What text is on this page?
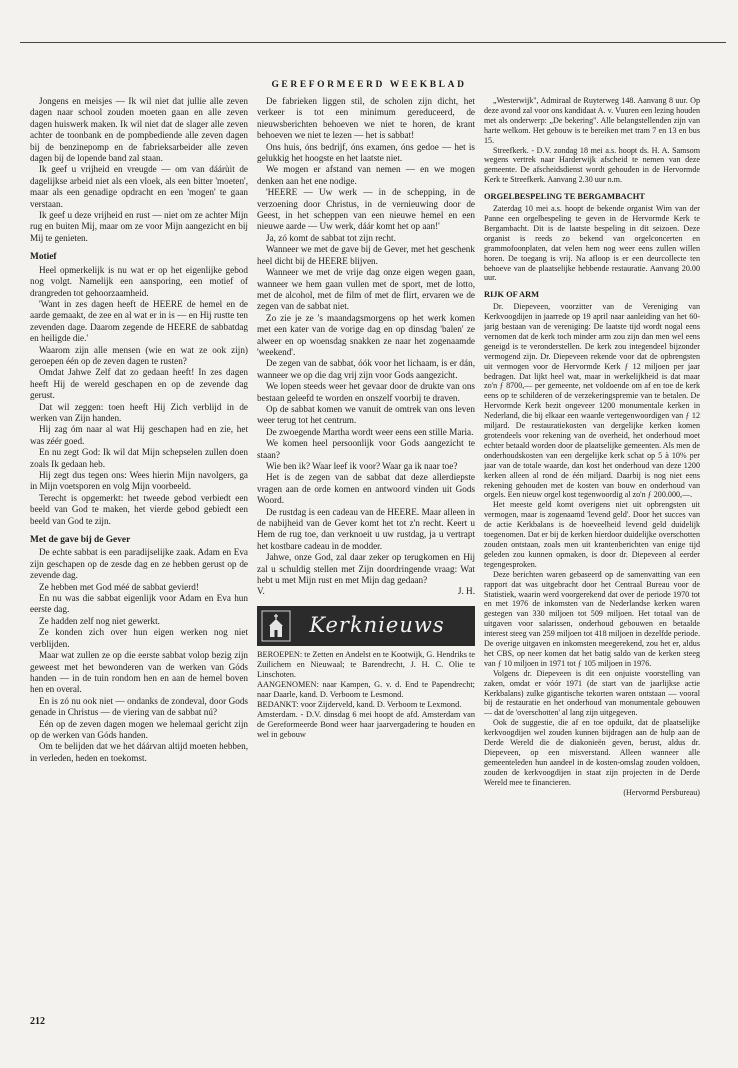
GEREFORMEERD WEEKBLAD

Jongens en meisjes — Ik wil niet dat jullie alle zeven dagen naar school zouden moeten gaan en alle zeven dagen huiswerk maken. Ik wil niet dat de slager alle zeven achter de toonbank en de pompbediende alle zeven dagen bij de benzinepomp en de fabrieksarbeider alle zeven dagen bij de lopende band zal staan.

Ik geef u vrijheid en vreugde — om van dáárùit de dagelijkse arbeid niet als een vloek, als een bitter 'moeten', maar als een genadige opdracht en een 'mogen' te gaan verstaan.

Ik geef u deze vrijheid en rust — niet om ze achter Mijn rug en buiten Mij, maar om ze voor Mijn aangezicht en bij Mij te genieten.

Motief

Heel opmerkelijk is nu wat er op het eigenlijke gebod nog volgt. Namelijk een aansporing, een motief of drangreden tot gehoorzaamheid.

'Want in zes dagen heeft de HEERE de hemel en de aarde gemaakt, de zee en al wat er in is — en Hij rustte ten zevenden dage. Daarom zegende de HEERE de sabbatdag en heiligde die.'

Waarom zijn alle mensen (wie en wat ze ook zijn) geroepen één op de zeven dagen te rusten?

Omdat Jahwe Zelf dat zo gedaan heeft! In zes dagen heeft Hij de wereld geschapen en op de zevende dag gerust.

Dat wil zeggen: toen heeft Hij Zich verblijd in de werken van Zijn handen.

Hij zag óm naar al wat Hij geschapen had en zie, het was zéér goed.

En nu zegt God: Ik wil dat Mijn schepselen zullen doen zoals Ik gedaan heb.

Hij zegt dus tegen ons: Wees hierin Mijn navolgers, ga in Mijn voetsporen en volg Mijn voorbeeld.

Terecht is opgemerkt: het tweede gebod verbiedt een beeld van God te maken, het vierde gebod gebiedt een beeld van God te zijn.

Met de gave bij de Gever

De echte sabbat is een paradijselijke zaak. Adam en Eva zijn geschapen op de zesde dag en ze hebben gerust op de zevende dag.

Ze hebben met God méé de sabbat gevierd!

En nu was die sabbat eigenlijk voor Adam en Eva hun eerste dag.

Ze hadden zelf nog niet gewerkt.

Ze konden zich over hun eigen werken nog niet verblijden.

Maar wat zullen ze op die eerste sabbat volop bezig zijn geweest met het bewonderen van de werken van Góds handen — in de tuin rondom hen en aan de hemel boven hen en overal.

En is zó nu ook niet — ondanks de zondeval, door Gods genade in Christus — de viering van de sabbat nú?

Eén op de zeven dagen mogen we helemaal gericht zijn op de werken van Góds handen.

Om te belijden dat we het dáárvan altijd moeten hebben, in verleden, heden en toekomst.

De fabrieken liggen stil, de scholen zijn dicht, het verkeer is tot een minimum gereduceerd, de nieuwsberichten behoeven we niet te horen, de krant behoeven we niet te lezen — het is sabbat!

Ons huis, óns bedrijf, óns examen, óns gedoe — het is gelukkig het hoogste en het laatste niet.

We mogen er afstand van nemen — en we mogen denken aan het ene nodige.

'HEERE — Uw werk — in de schepping, in de verzoening door Christus, in de vernieuwing door de Geest, in het scheppen van een nieuwe hemel en een nieuwe aarde — Uw werk, dáár komt het op aan!'

Ja, zó komt de sabbat tot zijn recht.

Wanneer we met de gave bij de Gever, met het geschenk heel dicht bij de HEERE blijven.

Wanneer we met de vrije dag onze eigen wegen gaan, wanneer we hem gaan vullen met de sport, met de lotto, met de alcohol, met de film of met de flirt, ervaren we de zegen van de sabbat niet.

Zo zie je ze 's maandagsmorgens op het werk komen met een kater van de vorige dag en op dinsdag 'balen' ze alweer en op woensdag snakken ze naar het zogenaamde 'weekend'.

De zegen van de sabbat, óók voor het lichaam, is er dán, wanneer we op die dag vrij zijn voor Gods aangezicht.

We lopen steeds weer het gevaar door de drukte van ons bestaan geleefd te worden en onszelf voorbij te draven.

Op de sabbat komen we vanuit de omtrek van ons leven weer terug tot het centrum.

De zwoegende Martha wordt weer eens een stille Maria.

We komen heel persoonlijk voor Gods aangezicht te staan?

Wie ben ik? Waar leef ik voor? Waar ga ik naar toe?

Het is de zegen van de sabbat dat deze allerdiepste vragen aan de orde komen en antwoord vinden uit Gods Woord.

De rustdag is een cadeau van de HEERE. Maar alleen in de nabijheid van de Gever komt het tot z'n recht. Keert u Hem de rug toe, dan verknoeit u uw rustdag, ja u vertrapt het kostbare cadeau in de modder.

Jahwe, onze God, zal daar zeker op terugkomen en Hij zal u schuldig stellen met Zijn doordringende vraag: Wat hebt u met Mijn rust en met Mijn dag gedaan?

V.	J. H.

Kerknieuws

BEROEPEN: te Zetten en Andelst en te Kootwijk, G. Hendriks te Zuilichem en Nieuwaal; te Barendrecht, J. H. C. Olie te Linschoten.

AANGENOMEN: naar Kampen, G. v. d. End te Papendrecht; naar Daarle, kand. D. Verboom te Lesmond.

BEDANKT: voor Zijderveld, kand. D. Verboom te Lexmond.

Amsterdam. - D.V. dinsdag 6 mei hoopt de afd. Amsterdam van de Gereformeerde Bond weer haar jaarvergadering te houden en wel in gebouw

„Westerwijk", Admiraal de Ruyterweg 148. Aanvang 8 uur. Op deze avond zal voor ons kandidaat A. v. Vuuren een lezing houden met als onderwerp: „De bekering". Alle belangstellenden zijn van harte welkom. Het gebouw is te bereiken met tram 7 en 13 en bus 15.

Streefkerk. - D.V. zondag 18 mei a.s. hoopt ds. H. A. Samsom wegens vertrek naar Harderwijk afscheid te nemen van deze gemeente. De afscheidsdienst wordt gehouden in de Hervormde Kerk te Streefkerk. Aanvang 2.30 uur n.m.

ORGELBESPELING TE BERGAMBACHT

Zaterdag 10 mei a.s. hoopt de bekende organist Wim van der Panne een orgelbespeling te geven in de Hervormde Kerk te Bergambacht. Dit is de laatste bespeling in dit seizoen. Deze organist is reeds zo bekend van orgelconcerten en grammofoonplaten, dat velen hem nog weer eens zullen willen horen. De toegang is vrij. Na afloop is er een deurcollecte ten behoeve van de plaatselijke hebbende restauratie. Aanvang 20.00 uur.

RIJK OF ARM

Dr. Diepeveen, voorzitter van de Vereniging van Kerkvoogdijen in jaarrede op 19 april naar aanleiding van het 60-jarig bestaan van de vereniging: De laatste tijd wordt nogal eens vernomen dat de kerk toch minder arm zou zijn dan men wel eens geneigd is te veronderstellen. De kerk zou integendeel bijzonder vermogend zijn. Dr. Diepeveen rekende voor dat de opbrengsten uit vermogen voor de Hervormde Kerk ƒ 12 miljoen per jaar bedragen. Dat lijkt heel wat, maar in werkelijkheid is dat maar zo'n ƒ 8700,— per gemeente, net voldoende om af en toe de kerk eens op te schilderen of de verzekeringspremie van te betalen. De Hervormde Kerk bezit ongeveer 1200 monumentale kerken in Nederland, die bij elkaar een waarde vertegenwoordigen van ƒ 12 miljard. De restauratiekosten van dergelijke kerken komen grotendeels voor rekening van de overheid, het onderhoud moet echter betaald worden door de plaatselijke gemeenten. Als men de onderhoudskosten van een dergelijke kerk schat op 5 à 10% per jaar van de totale waarde, dan kost het onderhoud van deze 1200 kerken alleen al rond de één miljard. Daarbij is nog niet eens rekening gehouden met de kosten van bouw en onderhoud van orgels. Een nieuw orgel kost tegenwoordig al zo'n ƒ 200.000,—.

Het meeste geld komt overigens niet uit opbrengsten uit vermogen, maar is zogenaamd 'levend geld'. Door het succes van de actie Kerkbalans is de hoeveelheid levend geld duidelijk toegenomen. Dat er bij de kerken hierdoor duidelijke overschotten zouden ontstaan, zoals men uit krantenberichten van enige tijd geleden zou kunnen opmaken, is door dr. Diepeveen al eerder tegengesproken.

Deze berichten waren gebaseerd op de samenvatting van een rapport dat was uitgebracht door het Centraal Bureau voor de Statistiek, waarin werd voorgerekend dat over de periode 1970 tot en met 1976 de inkomsten van de Nederlandse kerken waren gestegen van 330 miljoen tot 509 miljoen. Het totaal van de uitgaven voor salarissen, onderhoud gebouwen en betaalde interest steeg van 259 miljoen tot 418 miljoen in dezelfde periode. De overige uitgaven en inkomsten meegerekend, zou het er, aldus het CBS, op neer komen dat het batig saldo van de kerken steeg van ƒ 10 miljoen in 1971 tot ƒ 105 miljoen in 1976.

Volgens dr. Diepeveen is dit een onjuiste voorstelling van zaken, omdat er vóór 1971 (de start van de jaarlijkse actie Kerkbalans) zulke gigantische tekorten waren ontstaan — vooral bij de restauratie en het onderhoud van monumentale gebouwen — dat de 'overschotten' al lang zijn uitgegeven.

Ook de suggestie, die af en toe opduikt, dat de plaatselijke kerkvoogdijen wel zouden kunnen bijdragen aan de hulp aan de Derde Wereld die de diakonieën geven, berust, aldus dr. Diepeveen, op een misverstand. Alleen wanneer alle gemeenteleden hun aandeel in de kosten-omslag zouden voldoen, zouden de kerkvoogdijen in staat zijn projecten in de Derde Wereld mee te financieren.

(Hervormd Persbureau)

212
